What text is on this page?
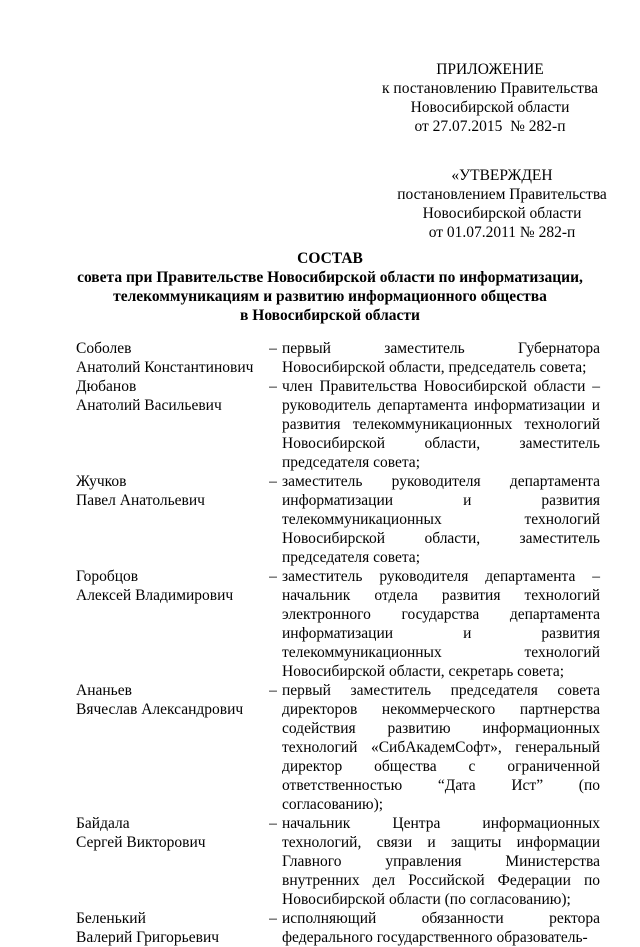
ПРИЛОЖЕНИЕ
к постановлению Правительства
Новосибирской области
от 27.07.2015  № 282-п
«УТВЕРЖДЕН
постановлением Правительства
Новосибирской области
от 01.07.2011 № 282-п
СОСТАВ
совета при Правительстве Новосибирской области по информатизации,
телекоммуникациям и развитию информационного общества
в Новосибирской области
Соболев
Анатолий Константинович
– первый заместитель Губернатора Новосибирской области, председатель совета;
Дюбанов
Анатолий Васильевич
– член Правительства Новосибирской области – руководитель департамента информатизации и развития телекоммуникационных технологий Новосибирской области, заместитель председателя совета;
Жучков
Павел Анатольевич
– заместитель руководителя департамента информатизации и развития телекоммуникационных технологий Новосибирской области, заместитель председателя совета;
Горобцов
Алексей Владимирович
– заместитель руководителя департамента – начальник отдела развития технологий электронного государства департамента информатизации и развития телекоммуникационных технологий Новосибирской области, секретарь совета;
Ананьев
Вячеслав Александрович
– первый заместитель председателя совета директоров некоммерческого партнерства содействия развитию информационных технологий «СибАкадемСофт», генеральный директор общества с ограниченной ответственностью “Дата Ист” (по согласованию);
Байдала
Сергей Викторович
– начальник Центра информационных технологий, связи и защиты информации Главного управления Министерства внутренних дел Российской Федерации по Новосибирской области (по согласованию);
Беленький
Валерий Григорьевич
– исполняющий обязанности ректора федерального государственного образователь-
